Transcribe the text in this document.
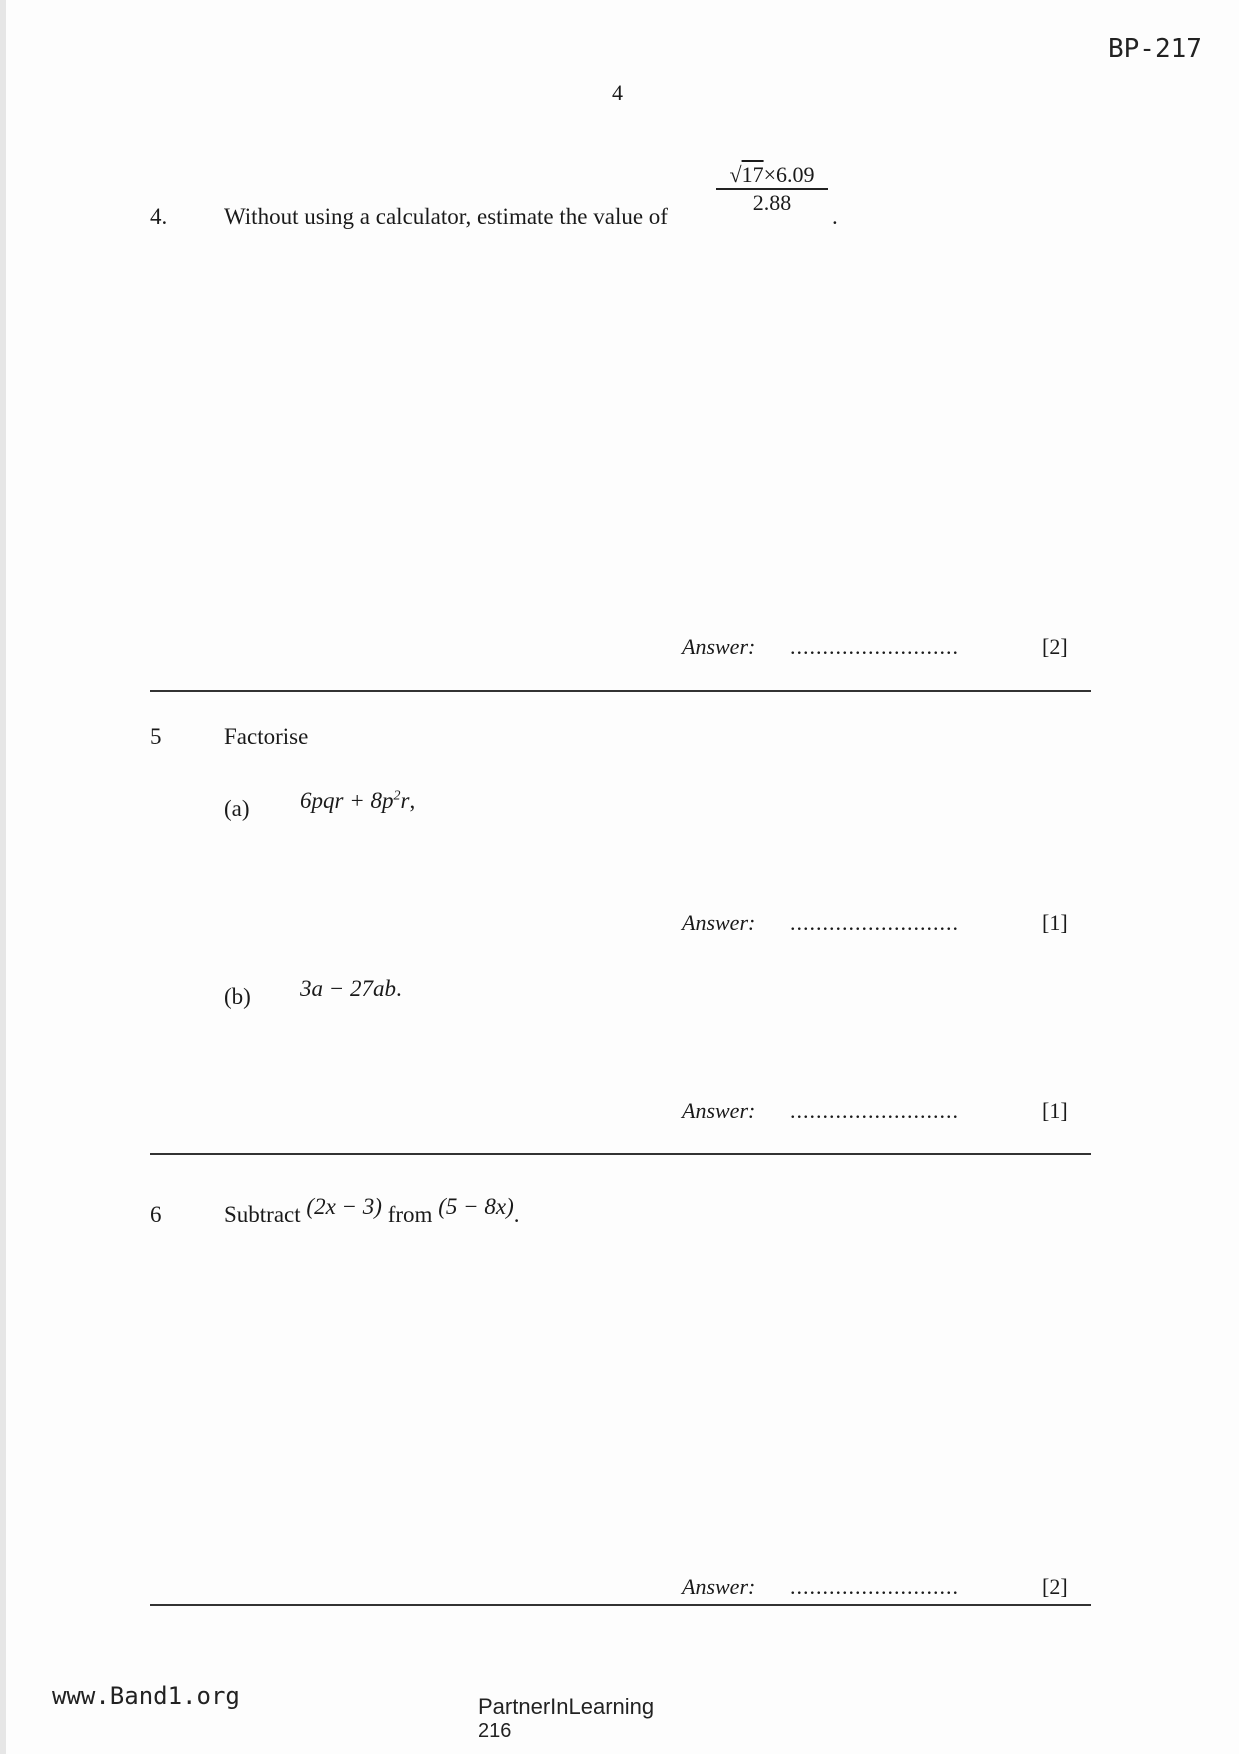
BP-217
4
4. Without using a calculator, estimate the value of
$\frac{√17\times 6.09}{2.88}$
.
Answer: ..........................	[2]
5	Factorise
(a) $6pqr + 8p^2r$,
Answer: ..........................	[1]
(b) 3a − 27ab.
Answer: ..........................	[1]
6	Subtract (2x − 3) from (5 − 8x).
Answer: ..........................	[2]
www.Band1.org	PartnerInLearning
216
